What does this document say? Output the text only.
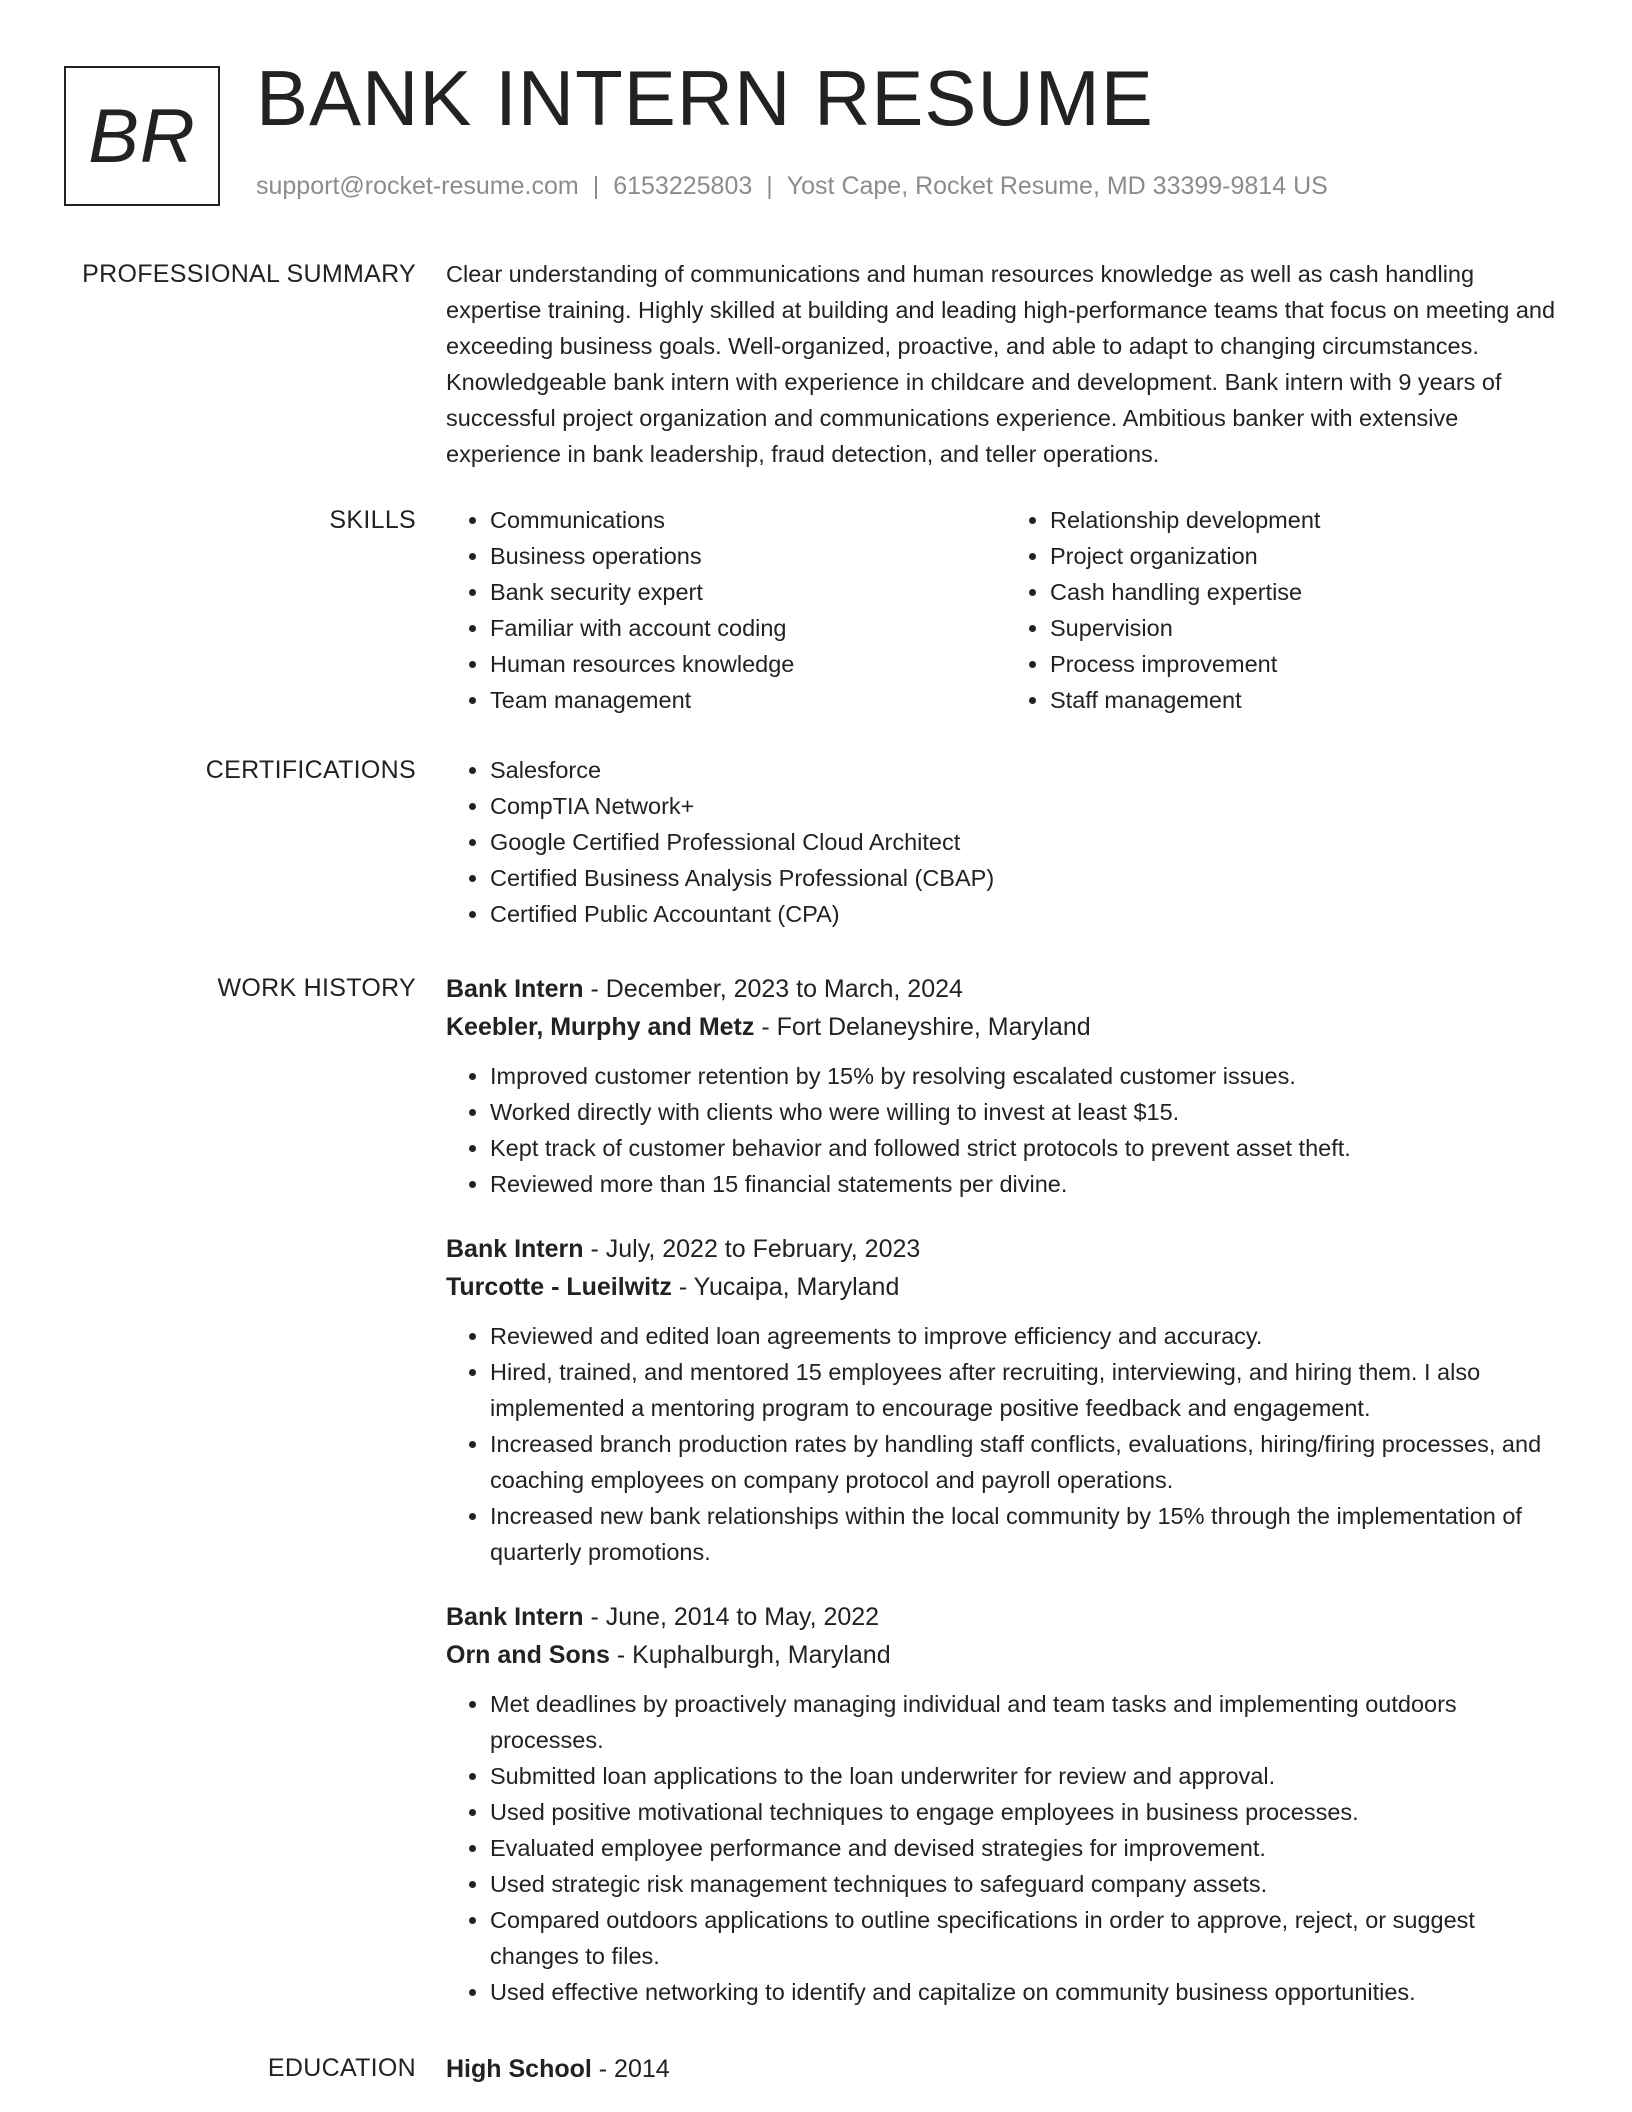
BR BANK INTERN RESUME
support@rocket-resume.com | 6153225803 | Yost Cape, Rocket Resume, MD 33399-9814 US
PROFESSIONAL SUMMARY Clear understanding of communications and human resources knowledge as well as cash handling expertise training. Highly skilled at building and leading high-performance teams that focus on meeting and exceeding business goals. Well-organized, proactive, and able to adapt to changing circumstances. Knowledgeable bank intern with experience in childcare and development. Bank intern with 9 years of successful project organization and communications experience. Ambitious banker with extensive experience in bank leadership, fraud detection, and teller operations.

SKILLS	• Communications
• Business operations
• Bank security expert
• Familiar with account coding
• Human resources knowledge
• Team management
• Relationship development
• Project organization
• Cash handling expertise
• Supervision
• Process improvement
• Staff management
CERTIFICATIONS	• Salesforce
• CompTIA Network+
• Google Certified Professional Cloud Architect
• Certified Business Analysis Professional (CBAP)
• Certified Public Accountant (CPA)
WORK HISTORY Bank Intern - December, 2023 to March, 2024
Keebler, Murphy and Metz - Fort Delaneyshire, Maryland
• Improved customer retention by 15% by resolving escalated customer issues.
• Worked directly with clients who were willing to invest at least $15.
• Kept track of customer behavior and followed strict protocols to prevent asset theft.
• Reviewed more than 15 financial statements per divine.
Bank Intern - July, 2022 to February, 2023
Turcotte - Lueilwitz - Yucaipa, Maryland
• Reviewed and edited loan agreements to improve efficiency and accuracy.
• Hired, trained, and mentored 15 employees after recruiting, interviewing, and hiring them. I also implemented a mentoring program to encourage positive feedback and engagement.
• Increased branch production rates by handling staff conflicts, evaluations, hiring/firing processes, and coaching employees on company protocol and payroll operations.
• Increased new bank relationships within the local community by 15% through the implementation of quarterly promotions.
Bank Intern - June, 2014 to May, 2022
Orn and Sons - Kuphalburgh, Maryland
• Met deadlines by proactively managing individual and team tasks and implementing outdoors processes.
• Submitted loan applications to the loan underwriter for review and approval.
• Used positive motivational techniques to engage employees in business processes.
• Evaluated employee performance and devised strategies for improvement.
• Used strategic risk management techniques to safeguard company assets.
• Compared outdoors applications to outline specifications in order to approve, reject, or suggest changes to files.
• Used effective networking to identify and capitalize on community business opportunities.
EDUCATION High School - 2014
